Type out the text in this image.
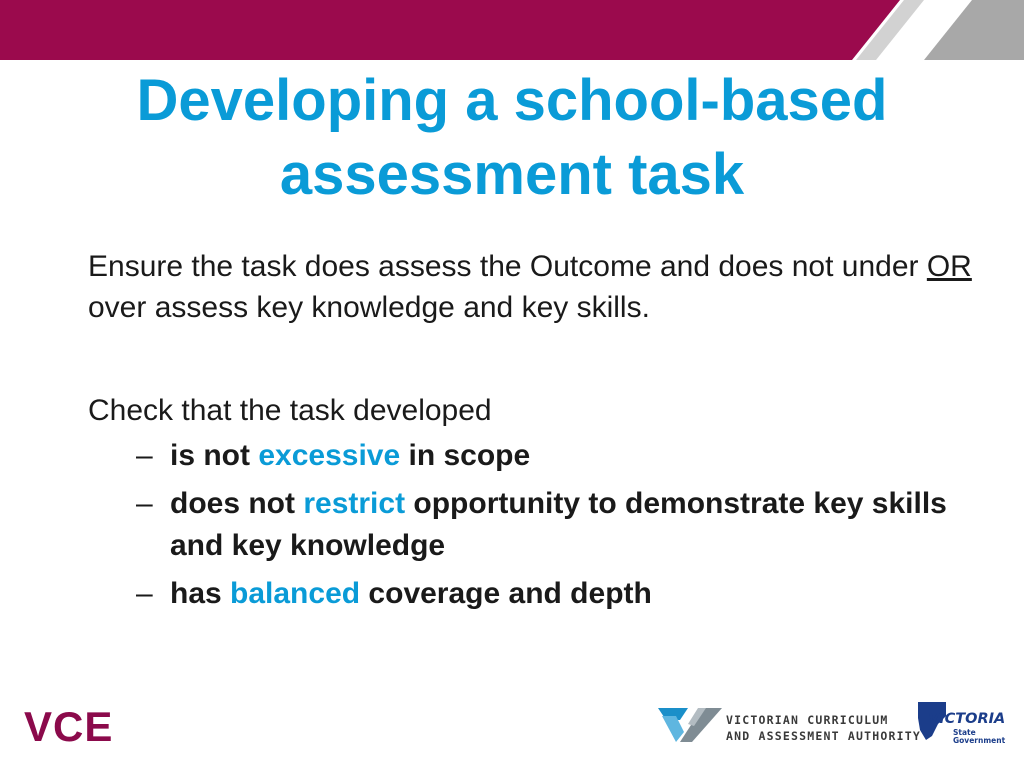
Developing a school-based
assessment task

Ensure the task does assess the Outcome and does not under OR over assess key knowledge and key skills.

Check that the task developed

– is not excessive in scope
– does not restrict opportunity to demonstrate key skills and key knowledge
– has balanced coverage and depth
VCE	VICTORIAN CURRICULUM
AND ASSESSMENT AUTHORITY
VICTORIA
State
Government
